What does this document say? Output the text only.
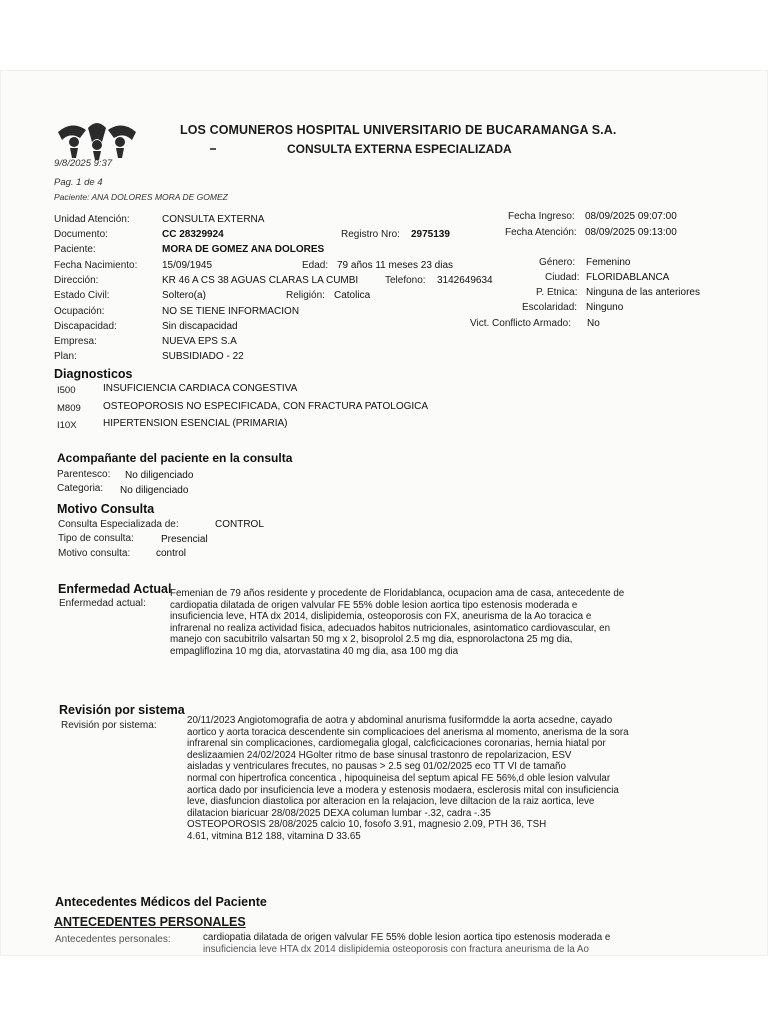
LOS COMUNEROS HOSPITAL UNIVERSITARIO DE BUCARAMANGA S.A.
CONSULTA EXTERNA ESPECIALIZADA
9/8/2025 9:37
Pag. 1 de 4
Paciente: ANA DOLORES MORA DE GOMEZ
Unidad Atención:	CONSULTA EXTERNA
Documento:	CC 28329924	Registro Nro: 2975139
Paciente:	MORA DE GOMEZ ANA DOLORES
Fecha Nacimiento: 15/09/1945	Edad: 79 años 11 meses 23 dias
Dirección:	KR 46 A CS 38 AGUAS CLARAS LA CUMBI	Telefono: 3142649634
Estado Civil:	Soltero(a)	Religión: Catolica
Ocupación:	NO SE TIENE INFORMACION
Discapacidad:	Sin discapacidad
Empresa:	NUEVA EPS S.A
Plan:	SUBSIDIADO - 22
Fecha Ingreso: 08/09/2025 09:07:00
Fecha Atención: 08/09/2025 09:13:00
Género: Femenino
Ciudad: FLORIDABLANCA
P. Etnica: Ninguna de las anteriores
Escolaridad: Ninguno
Vict. Conflicto Armado: No
Diagnosticos
I500	INSUFICIENCIA CARDIACA CONGESTIVA
M809 OSTEOPOROSIS NO ESPECIFICADA, CON FRACTURA PATOLOGICA
I10X	HIPERTENSION ESENCIAL (PRIMARIA)
Acompañante del paciente en la consulta
Parentesco: No diligenciado
Categoria: No diligenciado
Motivo Consulta
Consulta Especializada de:	CONTROL
Tipo de consulta:	Presencial
Motivo consulta:	control
Enfermedad Actual
Enfermedad actual:
Femenian de 79 años residente y procedente de Floridablanca, ocupacion ama de casa, antecedente de
cardiopatia dilatada de origen valvular FE 55% doble lesion aortica tipo estenosis moderada e
insuficiencia leve, HTA dx 2014, dislipidemia, osteoporosis con FX, aneurisma de la Ao toracica e
infrarenal no realiza actividad fisica, adecuados habitos nutricionales, asintomatico cardiovascular, en
manejo con sacubitrilo valsartan 50 mg x 2, bisoprolol 2.5 mg dia, espnorolactona 25 mg dia,
empagliflozina 10 mg dia, atorvastatina 40 mg dia, asa 100 mg dia
Revisión por sistema
Revisión por sistema:	20/11/2023 Angiotomografia de aotra y abdominal anurisma fusiformdde la aorta acsedne, cayado
aortico y aorta toracica descendente sin complicacioes del anerisma al momento, anerisma de la sora
infrarenal sin complicaciones, cardiomegalia glogal, calcficicaciones coronarias, hernia hiatal por
deslizaamien 24/02/2024 HGolter ritmo de base sinusal trastonro de repolarizacion, ESV
aisladas y ventriculares frecutes, no pausas > 2.5 seg 01/02/2025 eco TT VI de tamaño
normal con hipertrofica concentica , hipoquineisa del septum apical FE 56%,d oble lesion valvular
aortica dado por insuficiencia leve a modera y estenosis modaera, esclerosis mital con insuficiencia
leve, diasfuncion diastolica por alteracion en la relajacion, leve diltacion de la raiz aortica, leve
dilatacion biaricuar 28/08/2025 DEXA columan lumbar -.32, cadra -.35
OSTEOPOROSIS 28/08/2025 calcio 10, fosofo 3.91, magnesio 2.09, PTH 36, TSH
4.61, vitmina B12 188, vitamina D 33.65
Antecedentes Médicos del Paciente
ANTECEDENTES PERSONALES
Antecedentes personales:	cardiopatia dilatada de origen valvular FE 55% doble lesion aortica tipo estenosis moderada e
insuficiencia leve HTA dx 2014 dislipidemia osteoporosis con fractura aneurisma de la Ao
